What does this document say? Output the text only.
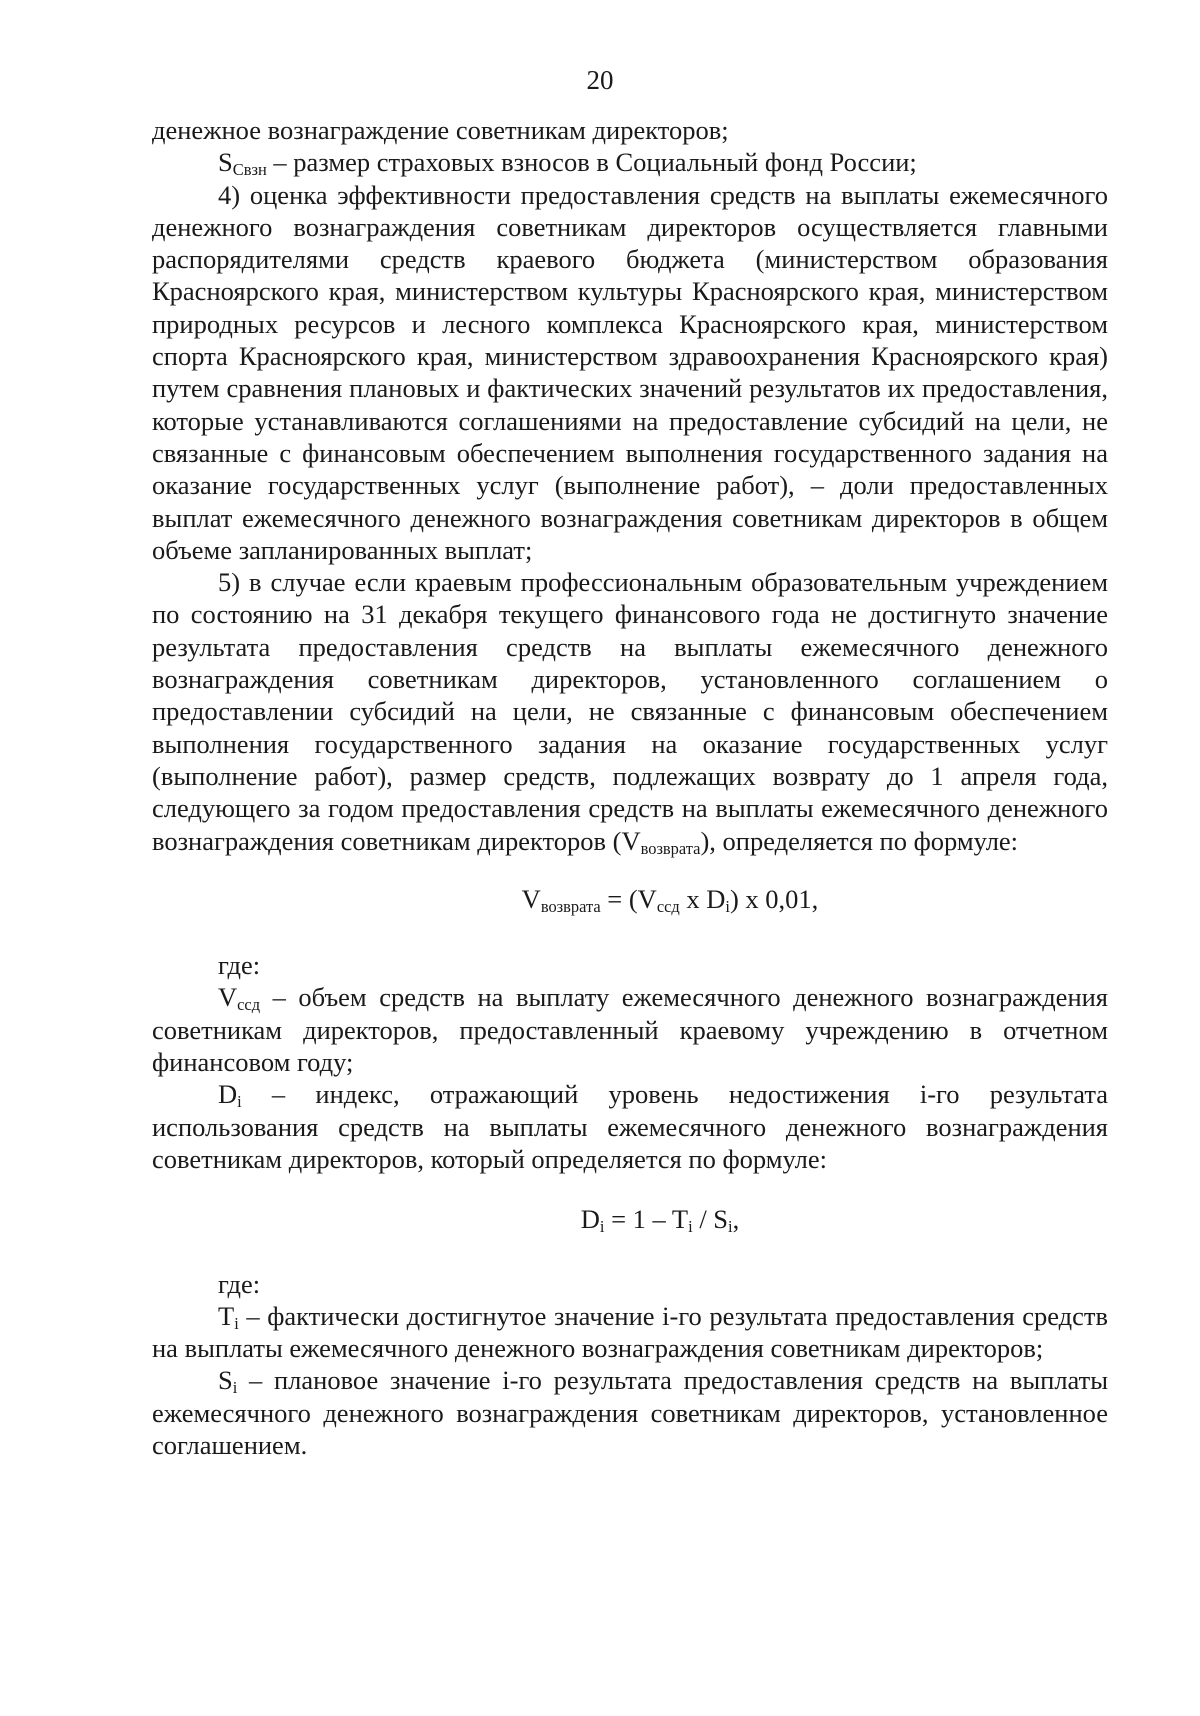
20

денежное вознаграждение советникам директоров;

$S_{Свзн}$ – размер страховых взносов в Социальный фонд России;

4) оценка эффективности предоставления средств на выплаты ежемесячного денежного вознаграждения советникам директоров осуществляется главными распорядителями средств краевого бюджета (министерством образования Красноярского края, министерством культуры Красноярского края, министерством природных ресурсов и лесного комплекса Красноярского края, министерством спорта Красноярского края, министерством здравоохранения Красноярского края) путем сравнения плановых и фактических значений результатов их предоставления, которые устанавливаются соглашениями на предоставление субсидий на цели, не связанные с финансовым обеспечением выполнения государственного задания на оказание государственных услуг (выполнение работ), – доли предоставленных выплат ежемесячного денежного вознаграждения советникам директоров в общем объеме запланированных выплат;

5) в случае если краевым профессиональным образовательным учреждением по состоянию на 31 декабря текущего финансового года не достигнуто значение результата предоставления средств на выплаты ежемесячного денежного вознаграждения советникам директоров, установленного соглашением о предоставлении субсидий на цели, не связанные с финансовым обеспечением выполнения государственного задания на оказание государственных услуг (выполнение работ), размер средств, подлежащих возврату до 1 апреля года, следующего за годом предоставления средств на выплаты ежемесячного денежного вознаграждения советникам директоров $(V_{возврата})$, определяется по формуле:

$V_{возврата} = (V_{ссд}$ x $D_i$) x 0,01,

где:

$V_{ссд}$ – объем средств на выплату ежемесячного денежного вознаграждения советникам директоров, предоставленный краевому учреждению в отчетном финансовом году;

$D_i$ – индекс, отражающий уровень недостижения i-го результата использования средств на выплаты ежемесячного денежного вознаграждения советникам директоров, который определяется по формуле:

$D_i = 1 - T_i / S_i$,

где:

$T_i$ – фактически достигнутое значение i-го результата предоставления средств на выплаты ежемесячного денежного вознаграждения советникам директоров;

$S_i$ – плановое значение i-го результата предоставления средств на выплаты ежемесячного денежного вознаграждения советникам директоров, установленное соглашением.
